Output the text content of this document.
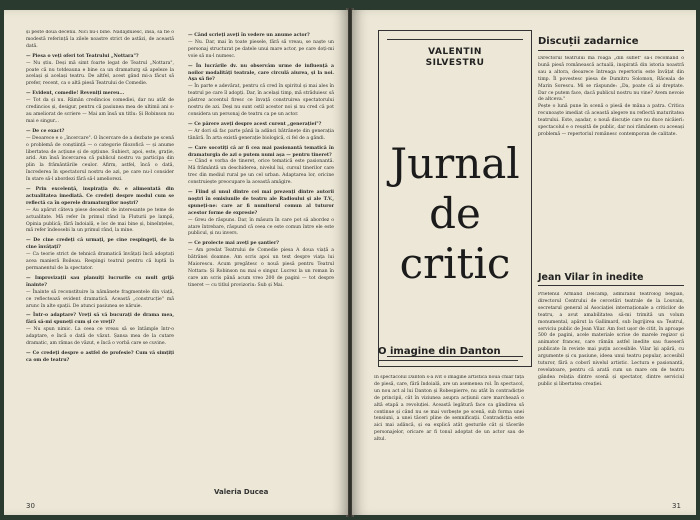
și peste două decenii. Nici nu-i bine. Nădăjduiesc, însă, să fie o modestă referință la zilele noastre strict de astăzi, de această dată.

— Piesa o veți oferi tot Teatrului „Nottara"?

— Nu știu. Deși mă simt foarte legat de Teatrul „Nottara", poate că nu totdeauna e bine ca un dramaturg să apeleze la același și același teatru. De altfel, acest gând mi-a făcut să prefer, recent, ca o altă piesă Teatrului de Comedie.

— Evident, comedie! Reveniți mereu...

— Tot da și nu. Rămân credincios comediei, dar nu atât de credincios și, desigur, pentru că pasiunea mea de ultimii ani s-au ameliorat de scriere — Mai am însă un titlu: Și Robinson nu mai e singur...

— De ce exact?

— Deoarece e o „încercare". O încercare de a dezbate pe scenă o problemă de conștiință — o categorie filozofică — și anume libertatea de acțiune și de opțiune. Subiect, apoi, este, grație, arid. Am însă încercarea că publicul nostru va participa din plin la frământările ceulor. Afirm, astfel, încă o dată, încrederea în spectatorul nostru de azi, pe care nu-l consider în stare să-l abordezi fără să-l ameliorezi.

— Prin excelență, inspirația dv. e alimentată din actualitatea imediată. Ce credeți despre modul cum se reflectă ca în operele dramaturgilor noștri?

— Au apărut câteva piese deosebit de interesante pe teme de actualitate. Mă refer în primul rând la Fluturii pe lampă, Opinia publică; fără îndoială, e loc de mai bine și, bineînțeles, mă refer îndeosebi la un primul rând, la mine.

— De cine credeți că urmați, pe cine respingeți, de la cine învățați?

— Ca teorie strict de tehnică dramatică învățați încă adoptați acea manieră Boileau. Respingi teatrul pentru că luptă la permanentul de la spectator.

— Improvizații sau planuiți lucrurile cu mult grijă înainte?

— Înainte să reconstituire la nămânete fragmentele din viață, ce reflectează evident dramatică. Această „construcție" mă arunc în alte spații. De atunci pasiunea se năruie.

— Într-o adaptare? Vreți să vă bucurați de drama mea, fără să-mi spuneți cum și ce vreți?

— Nu spun nimic. La ceea ce vreau să se întâmple într-o adaptare, e încă o dată de văzut. Șansa mea de la cutare dramatic, am rămas de văzut, e încă o vorbă care se cuvine.

— Ce credeți despre o astfel de profesie? Cum vă simțiți ca om de teatru?

— Când scrieți aveți în vedere un anume actor?

— Nu. Dar, mai în toate piesele, fără să vreau, se naște un personaj structurat pe datele unui mare actor, pe care doți-mi voie să nu-l numesc.

— În lucrările dv. nu observăm urme de influență a noilor modalități teatrale, care circulă aiurea, și la noi. Așa să fie?

— În parte e adevărat, pentru că cred în spiritul și mai ales în teatrul pe care îl adopți. Dar, în același timp, mă străduiesc să păstrez accentul firesc ce învață construirea spectatorului nostru de azi. Deși nu sunt ostil acestor noi și nu cred că pot considera un personaj de teatru ca pe un actor.

— Ce părere aveți despre acest curent „generației"?

— Ar dori să fac parte până la adânci bătrânețe din generația tânără. În arta există generație biologică, ci fel de a gândi.

— Care socotiți că ar fi cea mai pasionantă tematică în dramaturgia de azi o putem numi așa — pentru tineret?

— Când e vorba de tineret, orice tematică este pasionantă. Mă frământă un deschiderea, nivelul lui, cursul tinerilor care trec din mediul rural pe un cel urban. Adaptarea lor, oricine construiește preocupare la această amăgire.

— Fiind și unul dintre cei mai prezenți dintre autorii noștri în emisiunile de teatru ale Radioului și ale T.V., spuneți-ne: care ar fi numitorul comun al tuturor acestor forme de expresie?

— Greu de răspuns. Dar, în măsura în care pot să abordez o atare întrebare, răspund că ceea ce este comun între ele este publicul, și nu invers.

— Ce proiecte mai aveți pe șantier?

— Am predat Teatrului de Comedie piesa A doua viață a bătrânei doamne. Am scris apoi un text despre viața lui Maiorescu. Acum pregătesc o nouă piesă pentru Teatrul Nottara: Și Robinson nu mai e singur. Lucrez la un roman în care am scris până acum vreo 200 de pagini — tot despre tineret — cu titlul provizoriu: Sub și Mai.

Valeria Ducea
30
VALENTIN
SILVESTRU
Jurnal
de
critic
O imagine din Danton

În spectacolul Danton s-a ivit o imagine artistică nouă chiar față de piesă, care, fără îndoială, are un asemenea rol. În spectacol, un nou act al lui Danton și Robespierre, nu atât în contradicție de principii, cât în viziunea asupra acțiunii care marchează o altă etapă a revoluției. Această legătură face ca gândirea să continue și când nu se mai vorbește pe scenă, sub forma unei tensiuni, a unei tăceri pline de semnificații. Contradicția este aici mai adâncă, și ea explică atât gesturile cât și tăcerile personajelor, oricare ar fi tonul adoptat de un actor sau de altul.

Discuții zadarnice

Directorul teatrului mă roagă „din suflet" să-i recomand o bună piesă românească actuală, inspirată din istoria noastră sau a altora, deoarece întreaga repertoriu este învățat din timp. Îl povestesc piesa de Dumitru Solomon, Răceala de Marin Sorescu. Mi se răspunde: „Da, poate că ai dreptate. Dar ce putem face, dacă publicul nostru nu vine? Avem nevoie de altceva."

Pește o lună pune în scenă o piesă de mâna a patra. Critica recunoaște imediat că această alegere nu reflectă maturitatea teatrului. Este, așadar, o nouă discuție care nu duce nicăieri: spectacolul e o reușită de public, dar noi rămânem cu aceeași problemă — repertoriul românesc contemporan de calitate.

Jean Vilar în inedite

Prietenul Armand Delcamp, admirabil teatrolog belgian, directorul Centrului de cercetări teatrale de la Louvain, secretarul general al Asociației internaționale a criticilor de teatru, a avut amabilitatea să-mi trimită un volum monumental, apărut la Gallimard, sub îngrijirea sa: Teatrul, serviciu public de Jean Vilar. Am fost ușor de citit, în aproape 500 de pagini, acele materiale scrise de marele regizor și animator francez, care rămân astfel inedite sau fuseseră publicate în reviste mai puțin accesibile. Vilar își apără, cu argumente și cu pasiune, ideea unui teatru popular, accesibil tuturor, fără a coborî nivelul artistic. Lectura e pasionantă, revelatoare, pentru că arată cum un mare om de teatru gândea relația dintre scenă și spectator, dintre serviciul public și libertatea creației.

31
